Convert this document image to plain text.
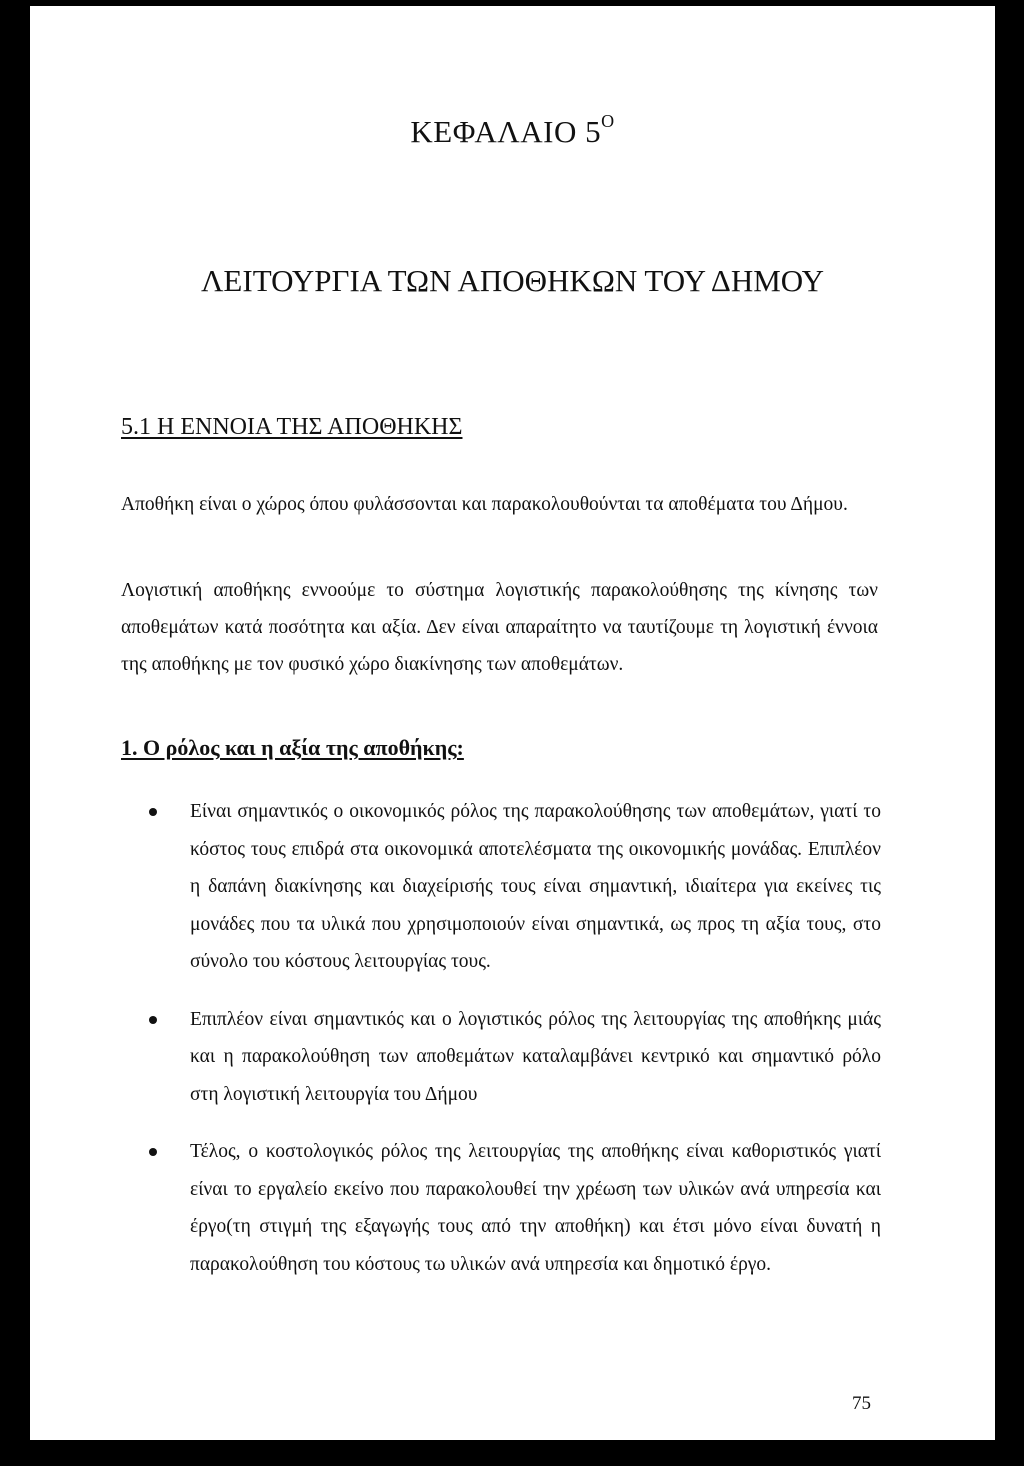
ΚΕΦΑΛΑΙΟ $5^O$
ΛΕΙΤΟΥΡΓΙΑ ΤΩΝ ΑΠΟΘΗΚΩΝ ΤΟΥ ΔΗΜΟΥ
5.1 Η ΕΝΝΟΙΑ ΤΗΣ ΑΠΟΘΗΚΗΣ
Αποθήκη είναι ο χώρος όπου φυλάσσονται και παρακολουθούνται τα αποθέματα του Δήμου.
Λογιστική αποθήκης εννοούμε το σύστημα λογιστικής παρακολούθησης της κίνησης των αποθεμάτων κατά ποσότητα και αξία. Δεν είναι απαραίτητο να ταυτίζουμε τη λογιστική έννοια της αποθήκης με τον φυσικό χώρο διακίνησης των αποθεμάτων.
1. Ο ρόλος και η αξία της αποθήκης:
Είναι σημαντικός ο οικονομικός ρόλος της παρακολούθησης των αποθεμάτων, γιατί το κόστος τους επιδρά στα οικονομικά αποτελέσματα της οικονομικής μονάδας. Επιπλέον η δαπάνη διακίνησης και διαχείρισής τους είναι σημαντική, ιδιαίτερα για εκείνες τις μονάδες που τα υλικά που χρησιμοποιούν είναι σημαντικά, ως προς τη αξία τους, στο σύνολο του κόστους λειτουργίας τους.
Επιπλέον είναι σημαντικός και ο λογιστικός ρόλος της λειτουργίας της αποθήκης μιάς και η παρακολούθηση των αποθεμάτων καταλαμβάνει κεντρικό και σημαντικό ρόλο στη λογιστική λειτουργία του Δήμου
Τέλος, ο κοστολογικός ρόλος της λειτουργίας της αποθήκης είναι καθοριστικός γιατί είναι το εργαλείο εκείνο που παρακολουθεί την χρέωση των υλικών ανά υπηρεσία και έργο(τη στιγμή της εξαγωγής τους από την αποθήκη) και έτσι μόνο είναι δυνατή η παρακολούθηση του κόστους τω υλικών ανά υπηρεσία και δημοτικό έργο.
75
